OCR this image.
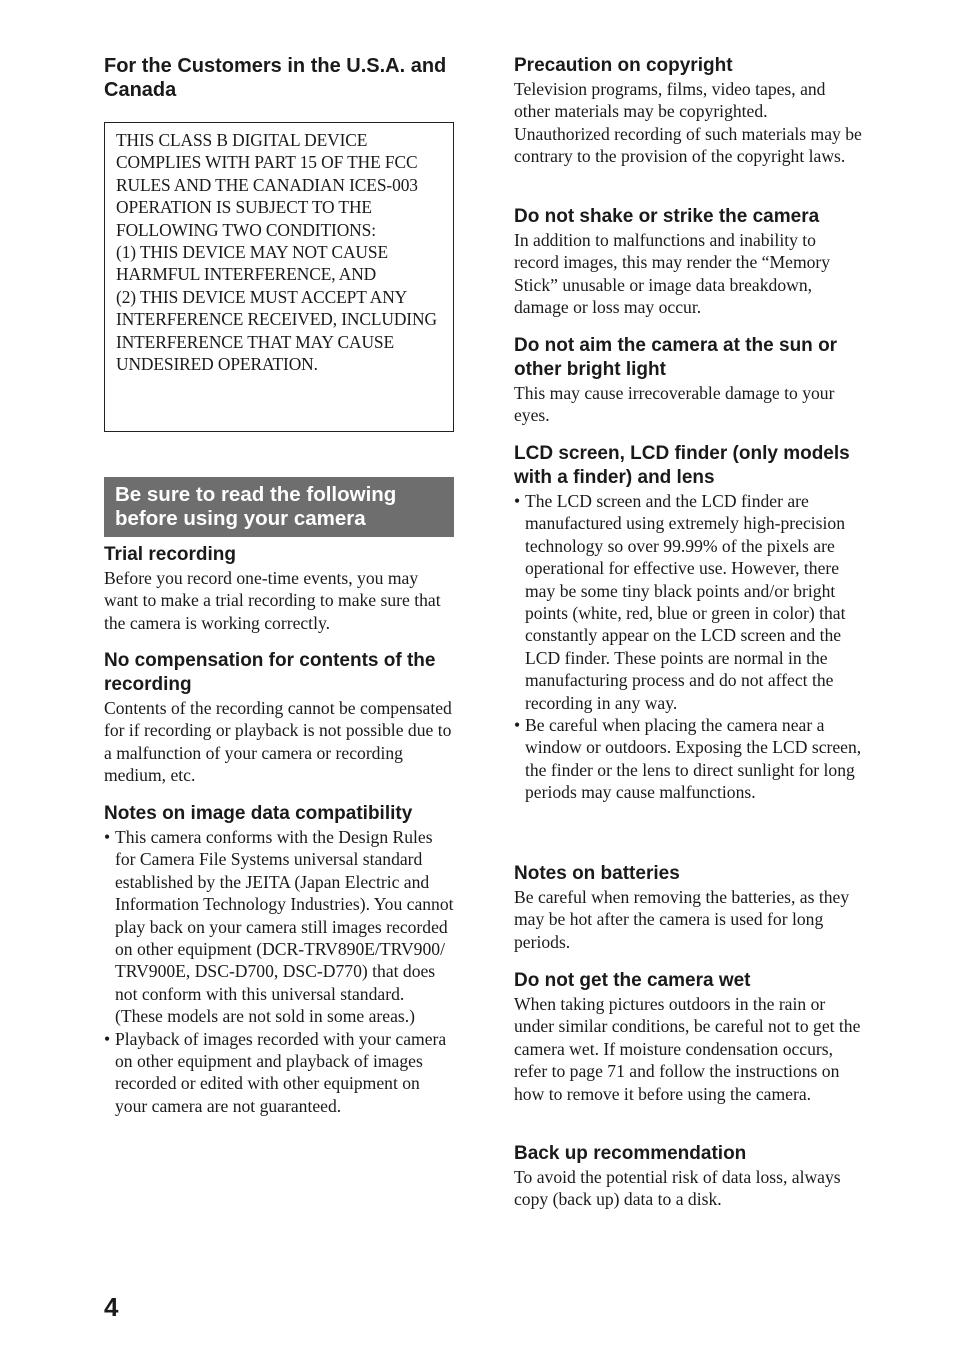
For the Customers in the U.S.A. and Canada

THIS CLASS B DIGITAL DEVICE COMPLIES WITH PART 15 OF THE FCC RULES AND THE CANADIAN ICES-003 OPERATION IS SUBJECT TO THE FOLLOWING TWO CONDITIONS:

(1) THIS DEVICE MAY NOT CAUSE HARMFUL INTERFERENCE, AND

(2) THIS DEVICE MUST ACCEPT ANY INTERFERENCE RECEIVED, INCLUDING INTERFERENCE THAT MAY CAUSE UNDESIRED OPERATION.

Be sure to read the following before using your camera
Trial recording

Before you record one-time events, you may want to make a trial recording to make sure that the camera is working correctly.

No compensation for contents of the recording

Contents of the recording cannot be compensated for if recording or playback is not possible due to a malfunction of your camera or recording medium, etc.

Notes on image data compatibility
• This camera conforms with the Design Rules for Camera File Systems universal standard established by the JEITA (Japan Electric and Information Technology Industries). You cannot play back on your camera still images recorded on other equipment (DCR-TRV890E/TRV900/ TRV900E, DSC-D700, DSC-D770) that does not conform with this universal standard. (These models are not sold in some areas.)
• Playback of images recorded with your camera on other equipment and playback of images recorded or edited with other equipment on your camera are not guaranteed.
Precaution on copyright

Television programs, films, video tapes, and other materials may be copyrighted. Unauthorized recording of such materials may be contrary to the provision of the copyright laws.

Do not shake or strike the camera

In addition to malfunctions and inability to record images, this may render the “Memory Stick” unusable or image data breakdown, damage or loss may occur.

Do not aim the camera at the sun or other bright light

This may cause irrecoverable damage to your eyes.

LCD screen, LCD finder (only models with a finder) and lens
• The LCD screen and the LCD finder are manufactured using extremely high-precision technology so over 99.99% of the pixels are operational for effective use. However, there may be some tiny black points and/or bright points (white, red, blue or green in color) that constantly appear on the LCD screen and the LCD finder. These points are normal in the manufacturing process and do not affect the recording in any way.
• Be careful when placing the camera near a window or outdoors. Exposing the LCD screen, the finder or the lens to direct sunlight for long periods may cause malfunctions.
Notes on batteries

Be careful when removing the batteries, as they may be hot after the camera is used for long periods.

Do not get the camera wet

When taking pictures outdoors in the rain or under similar conditions, be careful not to get the camera wet. If moisture condensation occurs, refer to page 71 and follow the instructions on how to remove it before using the camera.

Back up recommendation

To avoid the potential risk of data loss, always copy (back up) data to a disk.

4
